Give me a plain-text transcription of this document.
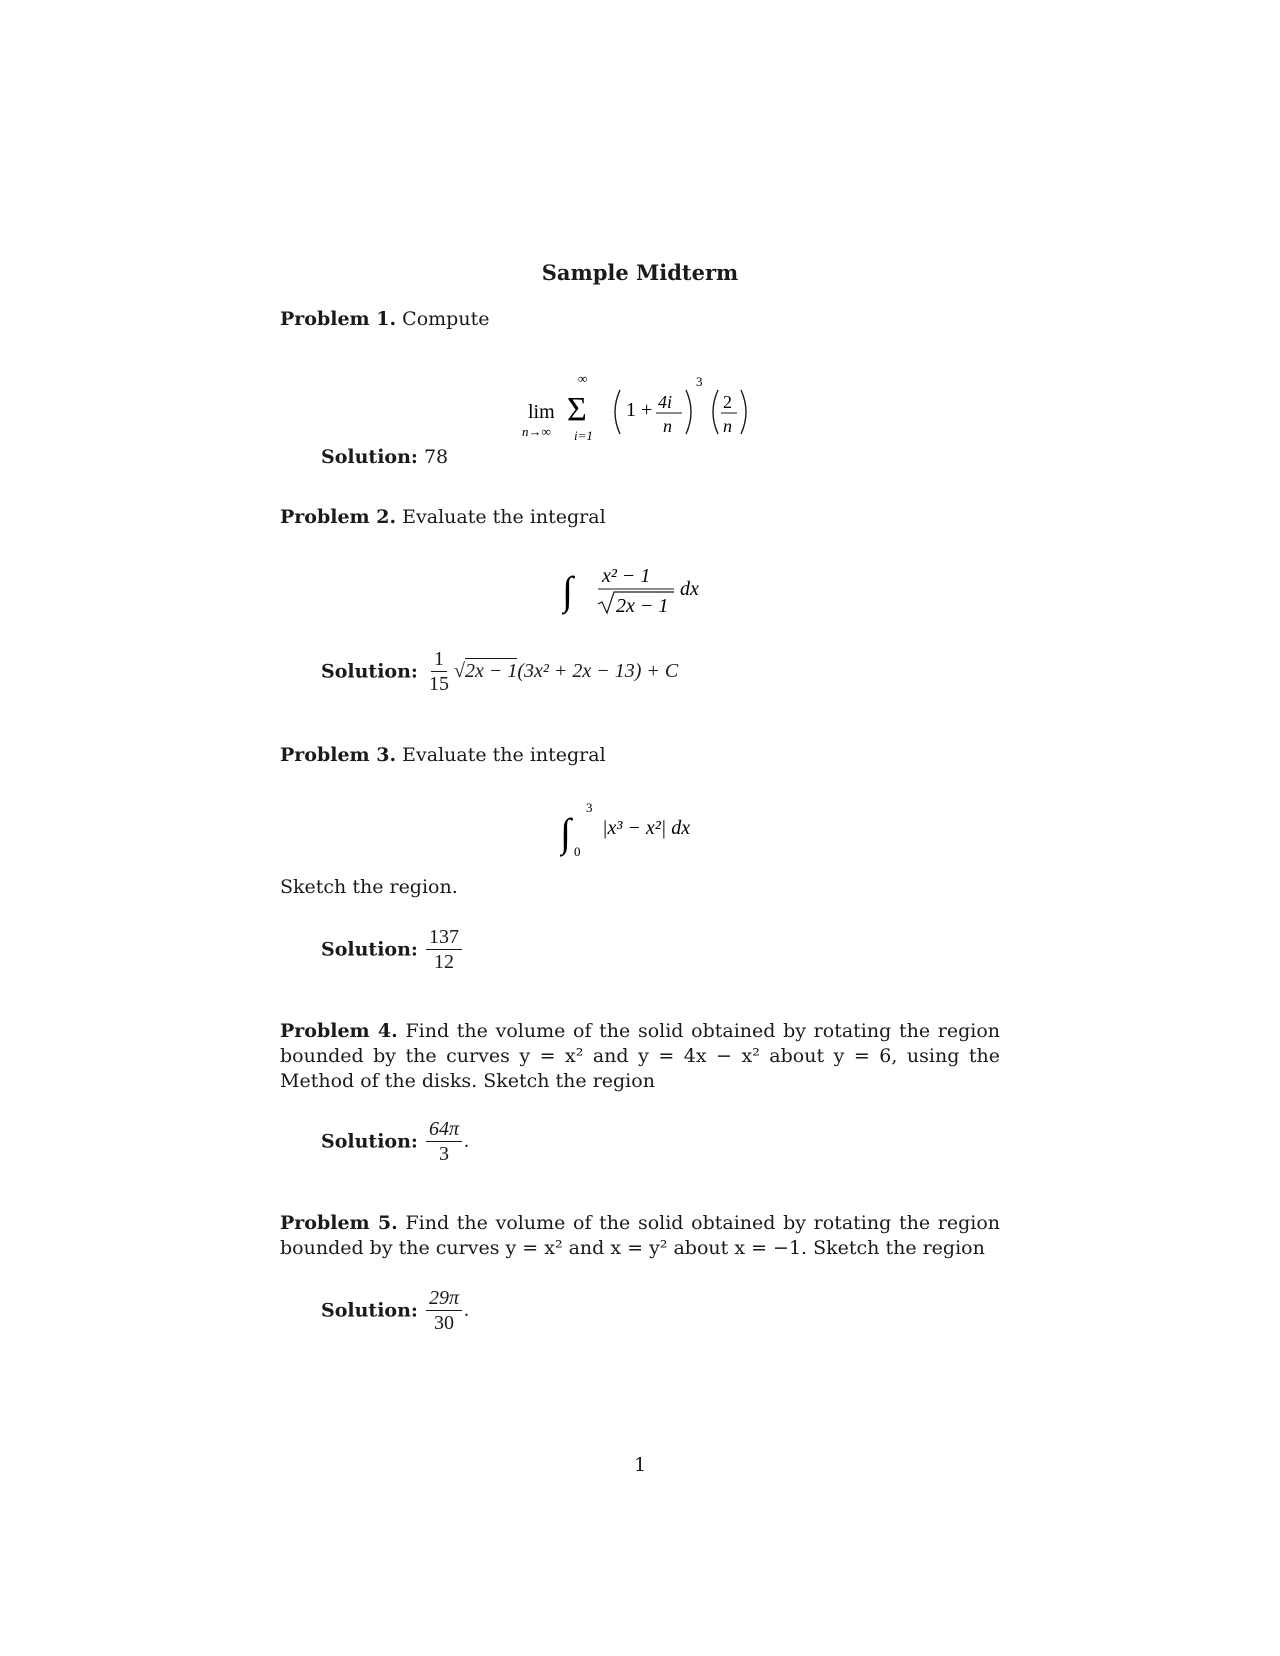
Sample Midterm
Problem 1. Compute
lim
n→∞
∞
Σ
i=1
1 + 4i
n
3
2
n
Solution: 78
Problem 2. Evaluate the integral
∫ x² − 1
2x − 1
dx
Solution: $\frac{1}{15} √2x - 1(3x^2 + 2x - 13) + C$
Problem 3. Evaluate the integral
∫
3
0
|x³ − x²| dx
Sketch the region.
Solution: $\frac{137}{12}$
Problem 4. Find the volume of the solid obtained by rotating the region bounded by the curves y = x² and y = 4x − x² about y = 6, using the Method of the disks. Sketch the region
Solution: $\frac{64\pi}{3}$ .
Problem 5. Find the volume of the solid obtained by rotating the region bounded by the curves y = x² and x = y² about x = −1. Sketch the region
Solution: $\frac{29\pi}{30}$ .
1
